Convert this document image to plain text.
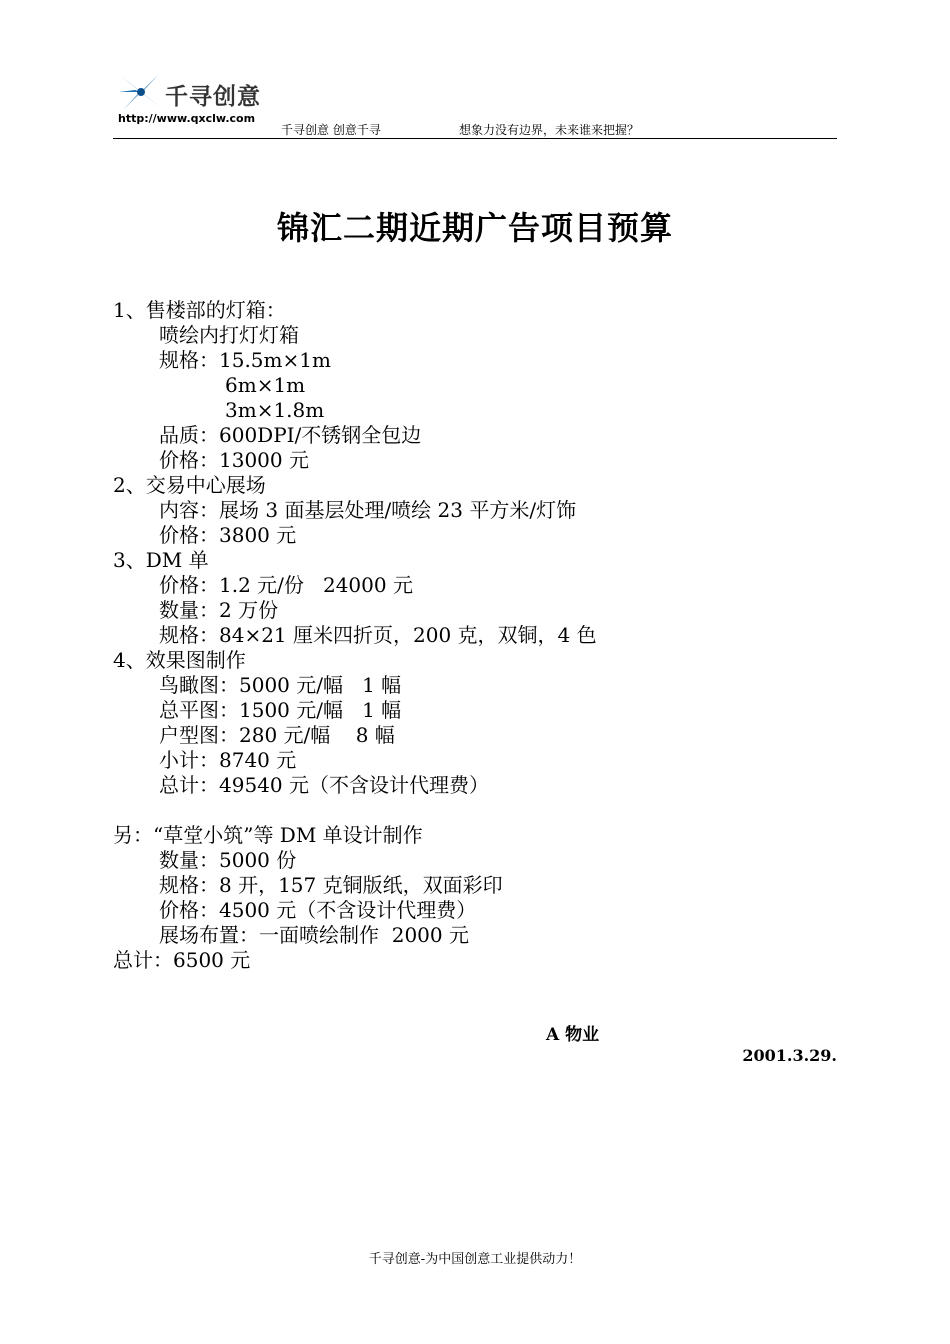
千寻创意
http://www.qxclw.com
千寻创意 创意千寻	想象力没有边界，未来谁来把握？
锦汇二期近期广告项目预算
1、售楼部的灯箱：
喷绘内打灯灯箱
规格：15.5m×1m
6m×1m
3m×1.8m
品质：600DPI/不锈钢全包边
价格：13000 元
2、交易中心展场
内容：展场 3 面基层处理/喷绘 23 平方米/灯饰
价格：3800 元
3、DM 单
价格：1.2 元/份   24000 元
数量：2 万份
规格：84×21 厘米四折页，200 克，双铜，4 色
4、效果图制作
鸟瞰图：5000 元/幅   1 幅
总平图：1500 元/幅   1 幅
户型图：280 元/幅    8 幅
小计：8740 元
总计：49540 元（不含设计代理费）
另：“草堂小筑”等 DM 单设计制作
数量：5000 份
规格：8 开，157 克铜版纸，双面彩印
价格：4500 元（不含设计代理费）
展场布置：一面喷绘制作  2000 元
总计：6500 元
A 物业
2001.3.29.
千寻创意-为中国创意工业提供动力！
